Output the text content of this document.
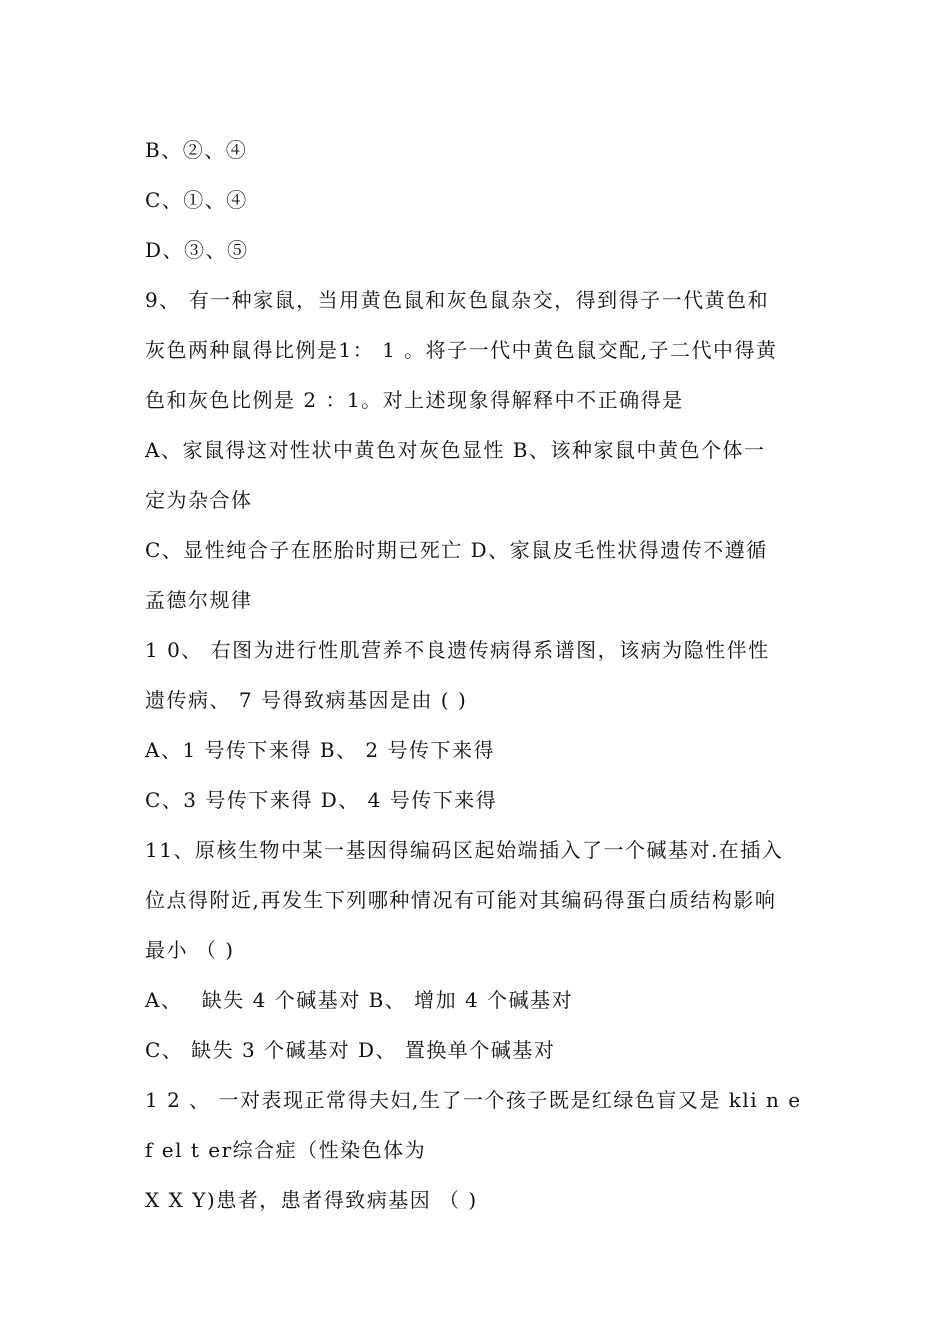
B、②、④
C、①、④
D、③、⑤
9、 有一种家鼠，当用黄色鼠和灰色鼠杂交，得到得子一代黄色和
灰色两种鼠得比例是1： 1 。将子一代中黄色鼠交配,子二代中得黄
色和灰色比例是 2 ：1。对上述现象得解释中不正确得是
A、家鼠得这对性状中黄色对灰色显性 B、该种家鼠中黄色个体一
定为杂合体
C、显性纯合子在胚胎时期已死亡 D、家鼠皮毛性状得遗传不遵循
孟德尔规律
1 0、 右图为进行性肌营养不良遗传病得系谱图，该病为隐性伴性
遗传病、 7 号得致病基因是由 ( )
A、1 号传下来得 B、 2 号传下来得
C、3 号传下来得 D、 4 号传下来得
11、原核生物中某一基因得编码区起始端插入了一个碱基对.在插入
位点得附近,再发生下列哪种情况有可能对其编码得蛋白质结构影响
最小 （ )
A、　 缺失 4 个碱基对 B、 增加 4 个碱基对
C、 缺失 3 个碱基对 D、 置换单个碱基对
1 2 、 一对表现正常得夫妇,生了一个孩子既是红绿色盲又是 kli n e
f el t er综合症（性染色体为
X X Y)患者，患者得致病基因 （ )
